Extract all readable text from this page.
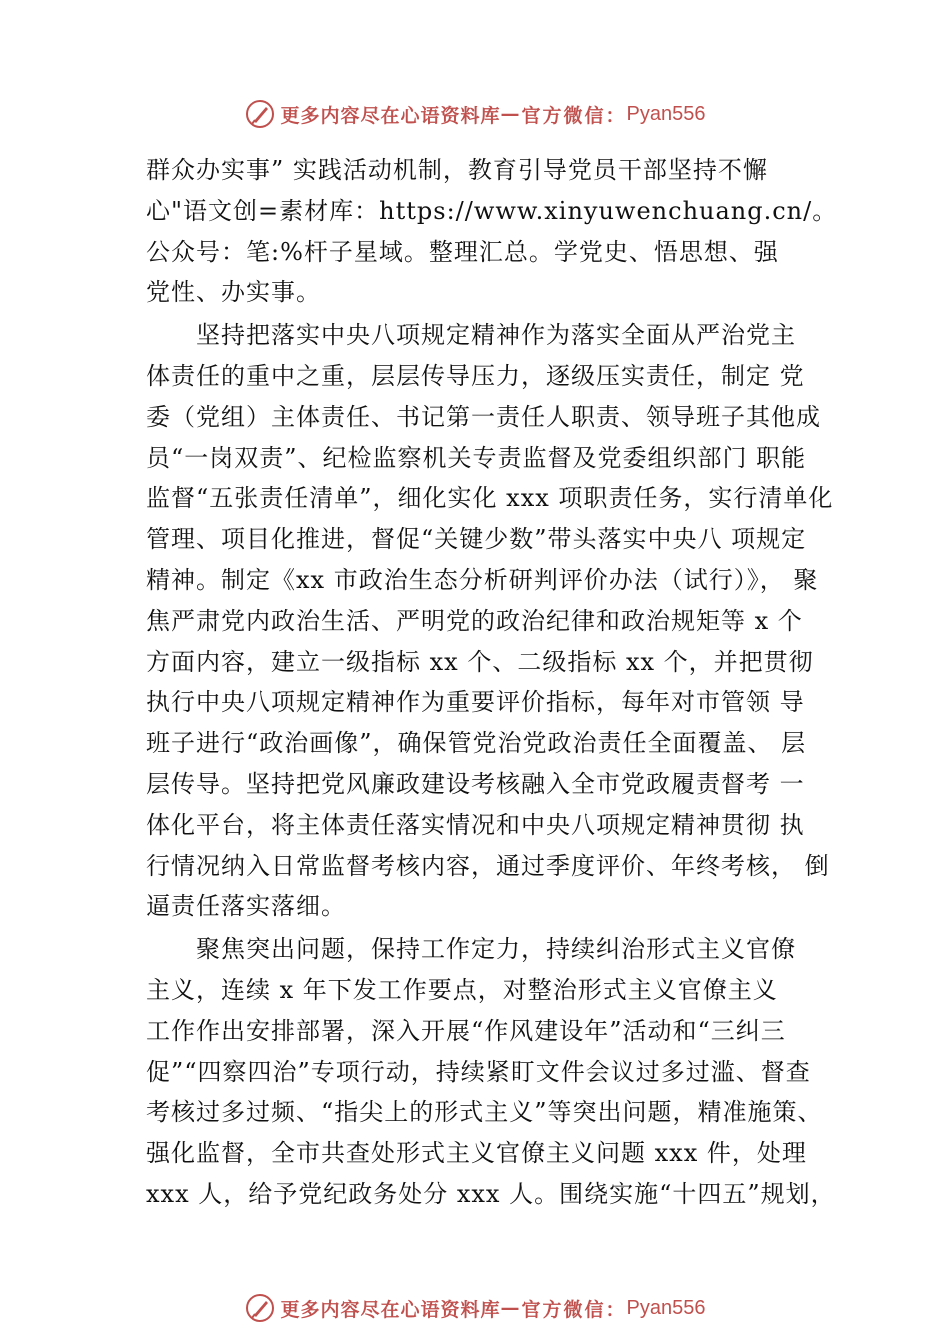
更多内容尽在心语资料库 — 官方微信： Pyan556
群众办实事” 实践活动机制，教育引导党员干部坚持不懈
心"语文创=素材库：https://www.xinyuwenchuang.cn/。
公众号：笔:%杆子星域。整理汇总。学党史、悟思想、强
党性、办实事。
坚持把落实中央八项规定精神作为落实全面从严治党主
体责任的重中之重，层层传导压力，逐级压实责任，制定 党
委（党组）主体责任、书记第一责任人职责、领导班子其他成
员“一岗双责”、纪检监察机关专责监督及党委组织部门 职能
监督“五张责任清单”，细化实化 xxx 项职责任务，实行清单化
管理、项目化推进，督促“关键少数”带头落实中央八 项规定
精神。制定《xx 市政治生态分析研判评价办法（试行）》， 聚
焦严肃党内政治生活、严明党的政治纪律和政治规矩等 x 个
方面内容，建立一级指标 xx 个、二级指标 xx 个，并把贯彻
执行中央八项规定精神作为重要评价指标，每年对市管领 导
班子进行“政治画像”，确保管党治党政治责任全面覆盖、 层
层传导。坚持把党风廉政建设考核融入全市党政履责督考 一
体化平台，将主体责任落实情况和中央八项规定精神贯彻 执
行情况纳入日常监督考核内容，通过季度评价、年终考核， 倒
逼责任落实落细。
聚焦突出问题，保持工作定力，持续纠治形式主义官僚
主义，连续 x 年下发工作要点，对整治形式主义官僚主义
工作作出安排部署，深入开展“作风建设年”活动和“三纠三
促”“四察四治”专项行动，持续紧盯文件会议过多过滥、督查
考核过多过频、“指尖上的形式主义”等突出问题，精准施策、
强化监督，全市共查处形式主义官僚主义问题 xxx 件，处理
xxx 人，给予党纪政务处分 xxx 人。围绕实施“十四五”规划，
更多内容尽在心语资料库 — 官方微信： Pyan556
